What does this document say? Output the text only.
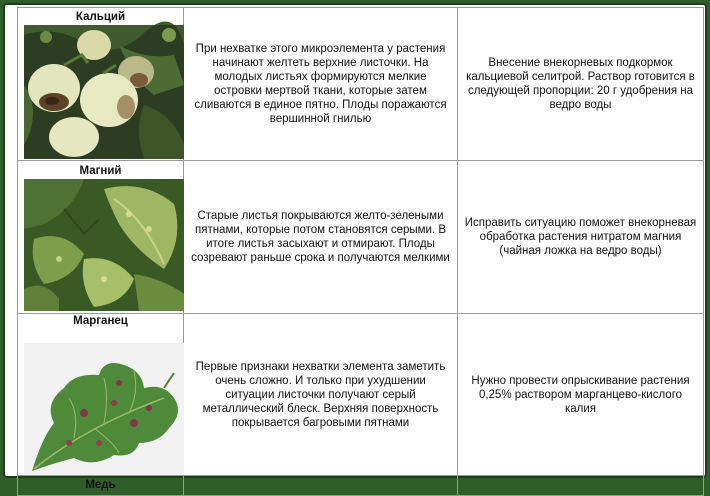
Кальций	При нехватке этого микроэлемента у растения начинают желтеть верхние листочки. На молодых листьях формируются мелкие островки мертвой ткани, которые затем сливаются в единое пятно. Плоды поражаются вершинной гнилью	Внесение внекорневых подкормок кальциевой селитрой. Раствор готовится в следующей пропорции: 20 г удобрения на ведро воды

Магний	Старые листья покрываются желто-зелеными пятнами, которые потом становятся серыми. В итоге листья засыхают и отмирают. Плоды созревают раньше срока и получаются мелкими	Исправить ситуацию поможет внекорневая обработка растения нитратом магния (чайная ложка на ведро воды)

Марганец	Первые признаки нехватки элемента заметить очень сложно. И только при ухудшении ситуации листочки получают серый металлический блеск. Верхняя поверхность покрывается багровыми пятнами	Нужно провести опрыскивание растения 0,25% раствором марганцево-кислого калия

Медь		
